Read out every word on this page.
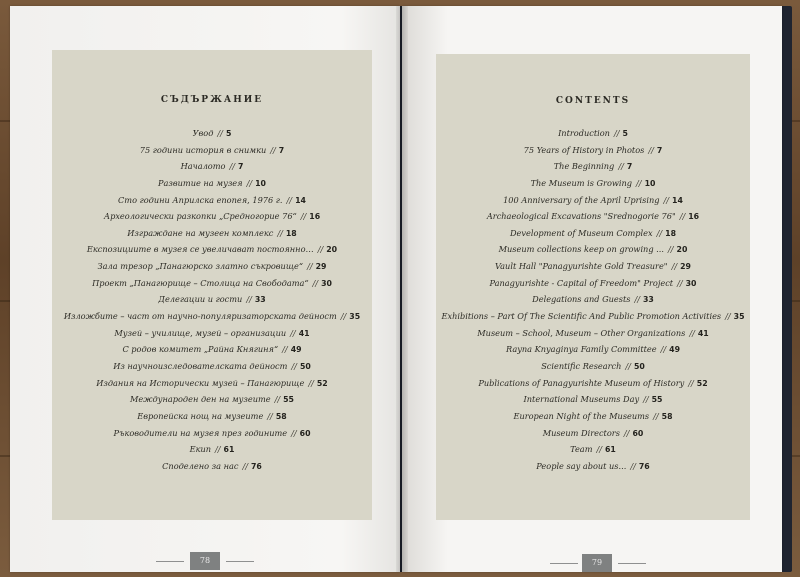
СЪДЪРЖАНИЕ
Увод // 5
75 години история в снимки // 7
Началото // 7
Развитие на музея // 10
Сто години Априлска епопея, 1976 г. // 14
Археологически разкопки „Средногорие 76“ // 16
Изграждане на музеен комплекс // 18
Експозициите в музея се увеличават постоянно… // 20
Зала трезор „Панагюрско златно съкровище“ // 29
Проект „Панагюрище – Столица на Свободата“ // 30
Делегации и гости // 33
Изложбите – част от научно-популяризаторската дейност // 35
Музей – училище, музей – организации // 41
С родов комитет „Райна Княгиня“ // 49
Из научноизследователската дейност // 50
Издания на Исторически музей – Панагюрище // 52
Международен ден на музеите // 55
Европейска нощ на музеите // 58
Ръководители на музея през годините // 60
Екип // 61
Споделено за нас // 76
78
CONTENTS
Introduction // 5
75 Years of History in Photos // 7
The Beginning // 7
The Museum is Growing // 10
100 Anniversary of the April Uprising // 14
Archaeological Excavations "Srednogorie 76" // 16
Development of Museum Complex // 18
Museum collections keep on growing ... // 20
Vault Hall "Panagyurishte Gold Treasure" // 29
Panagyurishte - Capital of Freedom" Project // 30
Delegations and Guests // 33
Exhibitions – Part Of The Scientific And Public Promotion Activities // 35
Museum – School, Museum – Other Organizations // 41
Rayna Knyaginya Family Committee // 49
Scientific Research // 50
Publications of Panagyurishte Museum of History // 52
International Museums Day // 55
European Night of the Museums // 58
Museum Directors // 60
Team // 61
People say about us... // 76
79
